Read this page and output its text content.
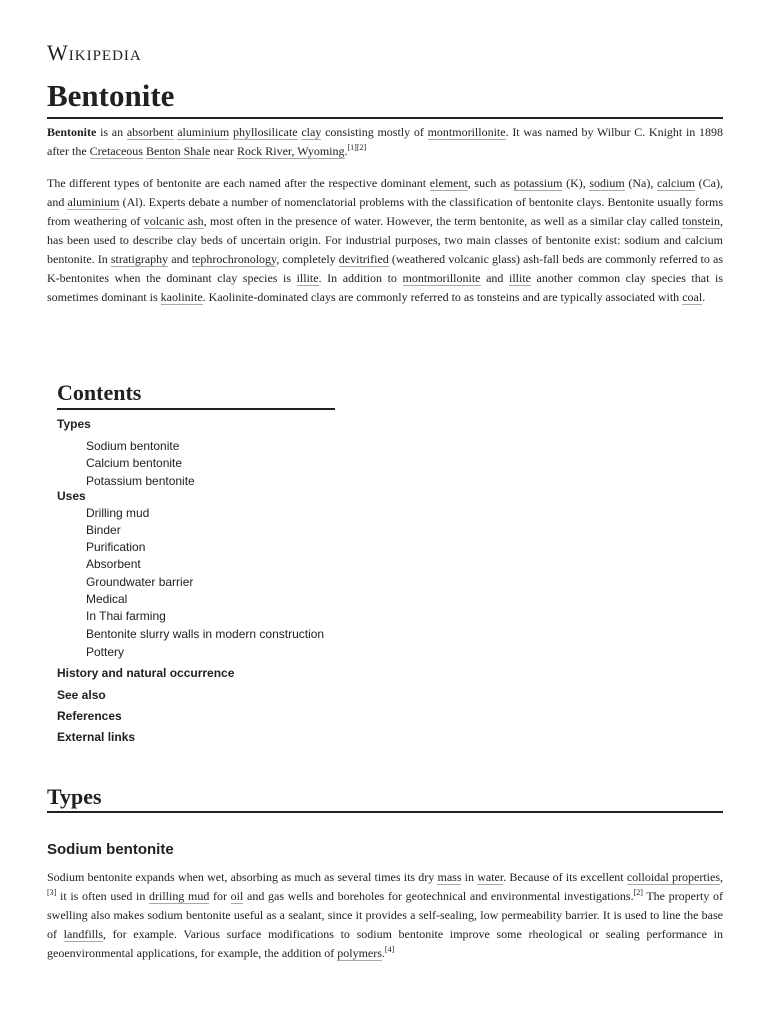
Wikipedia
Bentonite
Bentonite is an absorbent aluminium phyllosilicate clay consisting mostly of montmorillonite. It was named by Wilbur C. Knight in 1898 after the Cretaceous Benton Shale near Rock River, Wyoming.[1][2]
The different types of bentonite are each named after the respective dominant element, such as potassium (K), sodium (Na), calcium (Ca), and aluminium (Al). Experts debate a number of nomenclatorial problems with the classification of bentonite clays. Bentonite usually forms from weathering of volcanic ash, most often in the presence of water. However, the term bentonite, as well as a similar clay called tonstein, has been used to describe clay beds of uncertain origin. For industrial purposes, two main classes of bentonite exist: sodium and calcium bentonite. In stratigraphy and tephrochronology, completely devitrified (weathered volcanic glass) ash-fall beds are commonly referred to as K-bentonites when the dominant clay species is illite. In addition to montmorillonite and illite another common clay species that is sometimes dominant is kaolinite. Kaolinite-dominated clays are commonly referred to as tonsteins and are typically associated with coal.
Contents
Types
Sodium bentonite
Calcium bentonite
Potassium bentonite
Uses
Drilling mud
Binder
Purification
Absorbent
Groundwater barrier
Medical
In Thai farming
Bentonite slurry walls in modern construction
Pottery
History and natural occurrence
See also
References
External links
Types
Sodium bentonite
Sodium bentonite expands when wet, absorbing as much as several times its dry mass in water. Because of its excellent colloidal properties,[3] it is often used in drilling mud for oil and gas wells and boreholes for geotechnical and environmental investigations.[2] The property of swelling also makes sodium bentonite useful as a sealant, since it provides a self-sealing, low permeability barrier. It is used to line the base of landfills, for example. Various surface modifications to sodium bentonite improve some rheological or sealing performance in geoenvironmental applications, for example, the addition of polymers.[4]
